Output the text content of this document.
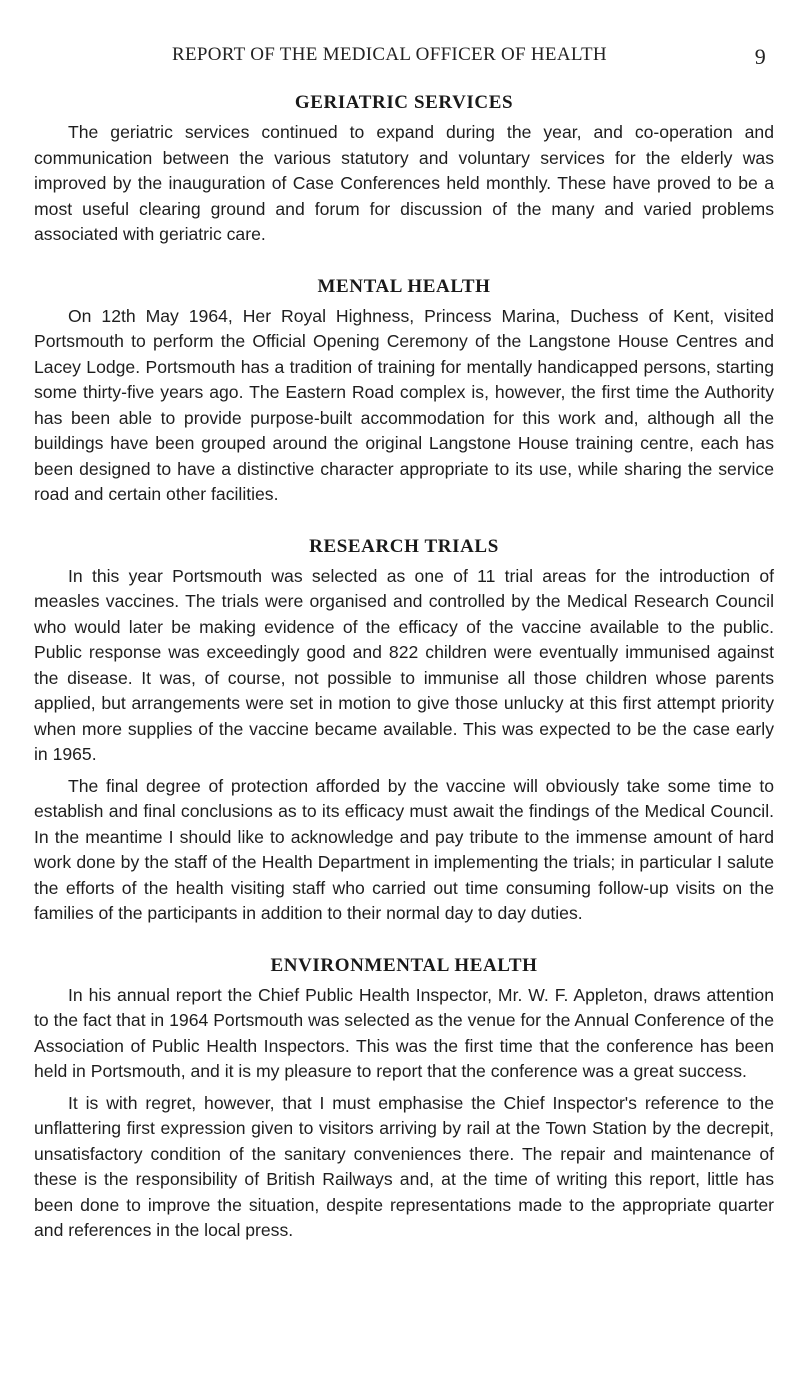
REPORT OF THE MEDICAL OFFICER OF HEALTH	9
GERIATRIC SERVICES

The geriatric services continued to expand during the year, and co-operation and communication between the various statutory and voluntary services for the elderly was improved by the inauguration of Case Conferences held monthly. These have proved to be a most useful clearing ground and forum for discussion of the many and varied problems associated with geriatric care.

MENTAL HEALTH

On 12th May 1964, Her Royal Highness, Princess Marina, Duchess of Kent, visited Portsmouth to perform the Official Opening Ceremony of the Langstone House Centres and Lacey Lodge. Portsmouth has a tradition of training for mentally handicapped persons, starting some thirty-five years ago. The Eastern Road complex is, however, the first time the Authority has been able to provide purpose-built accommodation for this work and, although all the buildings have been grouped around the original Langstone House training centre, each has been designed to have a distinctive character appropriate to its use, while sharing the service road and certain other facilities.

RESEARCH TRIALS

In this year Portsmouth was selected as one of 11 trial areas for the introduction of measles vaccines. The trials were organised and controlled by the Medical Research Council who would later be making evidence of the efficacy of the vaccine available to the public. Public response was exceedingly good and 822 children were eventually immunised against the disease. It was, of course, not possible to immunise all those children whose parents applied, but arrangements were set in motion to give those unlucky at this first attempt priority when more supplies of the vaccine became available. This was expected to be the case early in 1965.

The final degree of protection afforded by the vaccine will obviously take some time to establish and final conclusions as to its efficacy must await the findings of the Medical Council. In the meantime I should like to acknowledge and pay tribute to the immense amount of hard work done by the staff of the Health Department in implementing the trials; in particular I salute the efforts of the health visiting staff who carried out time consuming follow-up visits on the families of the participants in addition to their normal day to day duties.

ENVIRONMENTAL HEALTH

In his annual report the Chief Public Health Inspector, Mr. W. F. Appleton, draws attention to the fact that in 1964 Portsmouth was selected as the venue for the Annual Conference of the Association of Public Health Inspectors. This was the first time that the conference has been held in Portsmouth, and it is my pleasure to report that the conference was a great success.

It is with regret, however, that I must emphasise the Chief Inspector's reference to the unflattering first expression given to visitors arriving by rail at the Town Station by the decrepit, unsatisfactory condition of the sanitary conveniences there. The repair and maintenance of these is the responsibility of British Railways and, at the time of writing this report, little has been done to improve the situation, despite representations made to the appropriate quarter and references in the local press.
